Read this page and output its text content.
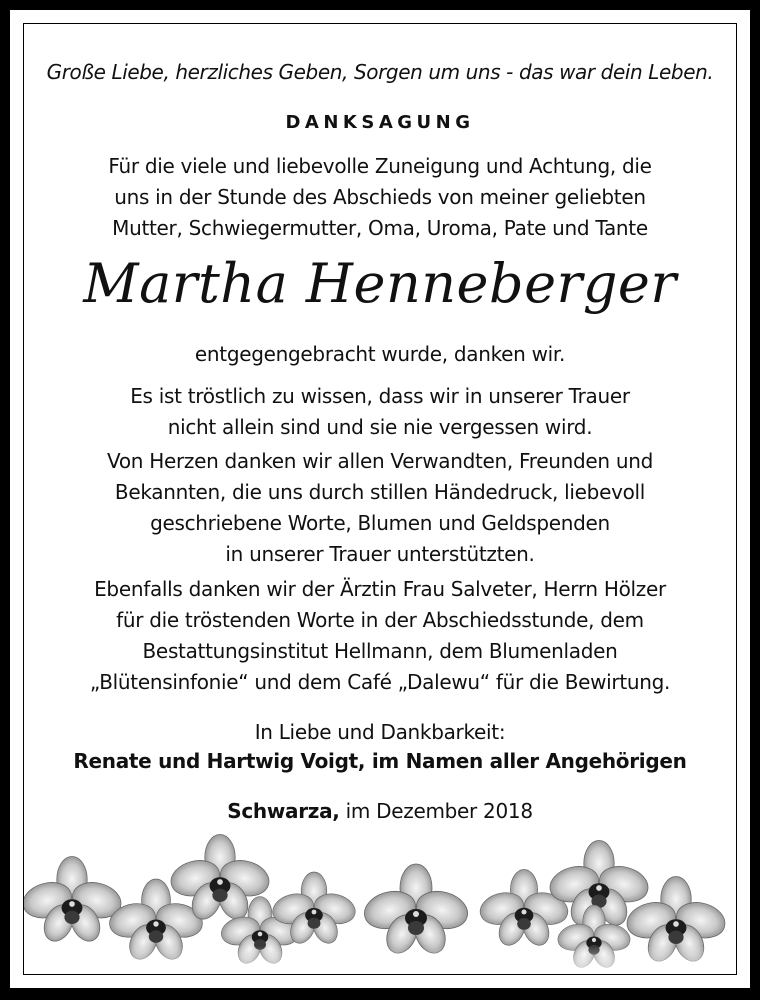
Große Liebe, herzliches Geben, Sorgen um uns - das war dein Leben.
DANKSAGUNG
Für die viele und liebevolle Zuneigung und Achtung, die
uns in der Stunde des Abschieds von meiner geliebten
Mutter, Schwiegermutter, Oma, Uroma, Pate und Tante
Martha Henneberger
entgegengebracht wurde, danken wir.
Es ist tröstlich zu wissen, dass wir in unserer Trauer
nicht allein sind und sie nie vergessen wird.
Von Herzen danken wir allen Verwandten, Freunden und
Bekannten, die uns durch stillen Händedruck, liebevoll
geschriebene Worte, Blumen und Geldspenden
in unserer Trauer unterstützten.
Ebenfalls danken wir der Ärztin Frau Salveter, Herrn Hölzer
für die tröstenden Worte in der Abschiedsstunde, dem
Bestattungsinstitut Hellmann, dem Blumenladen
„Blütensinfonie“ und dem Café „Dalewu“ für die Bewirtung.
In Liebe und Dankbarkeit:
Renate und Hartwig Voigt, im Namen aller Angehörigen
Schwarza, im Dezember 2018
